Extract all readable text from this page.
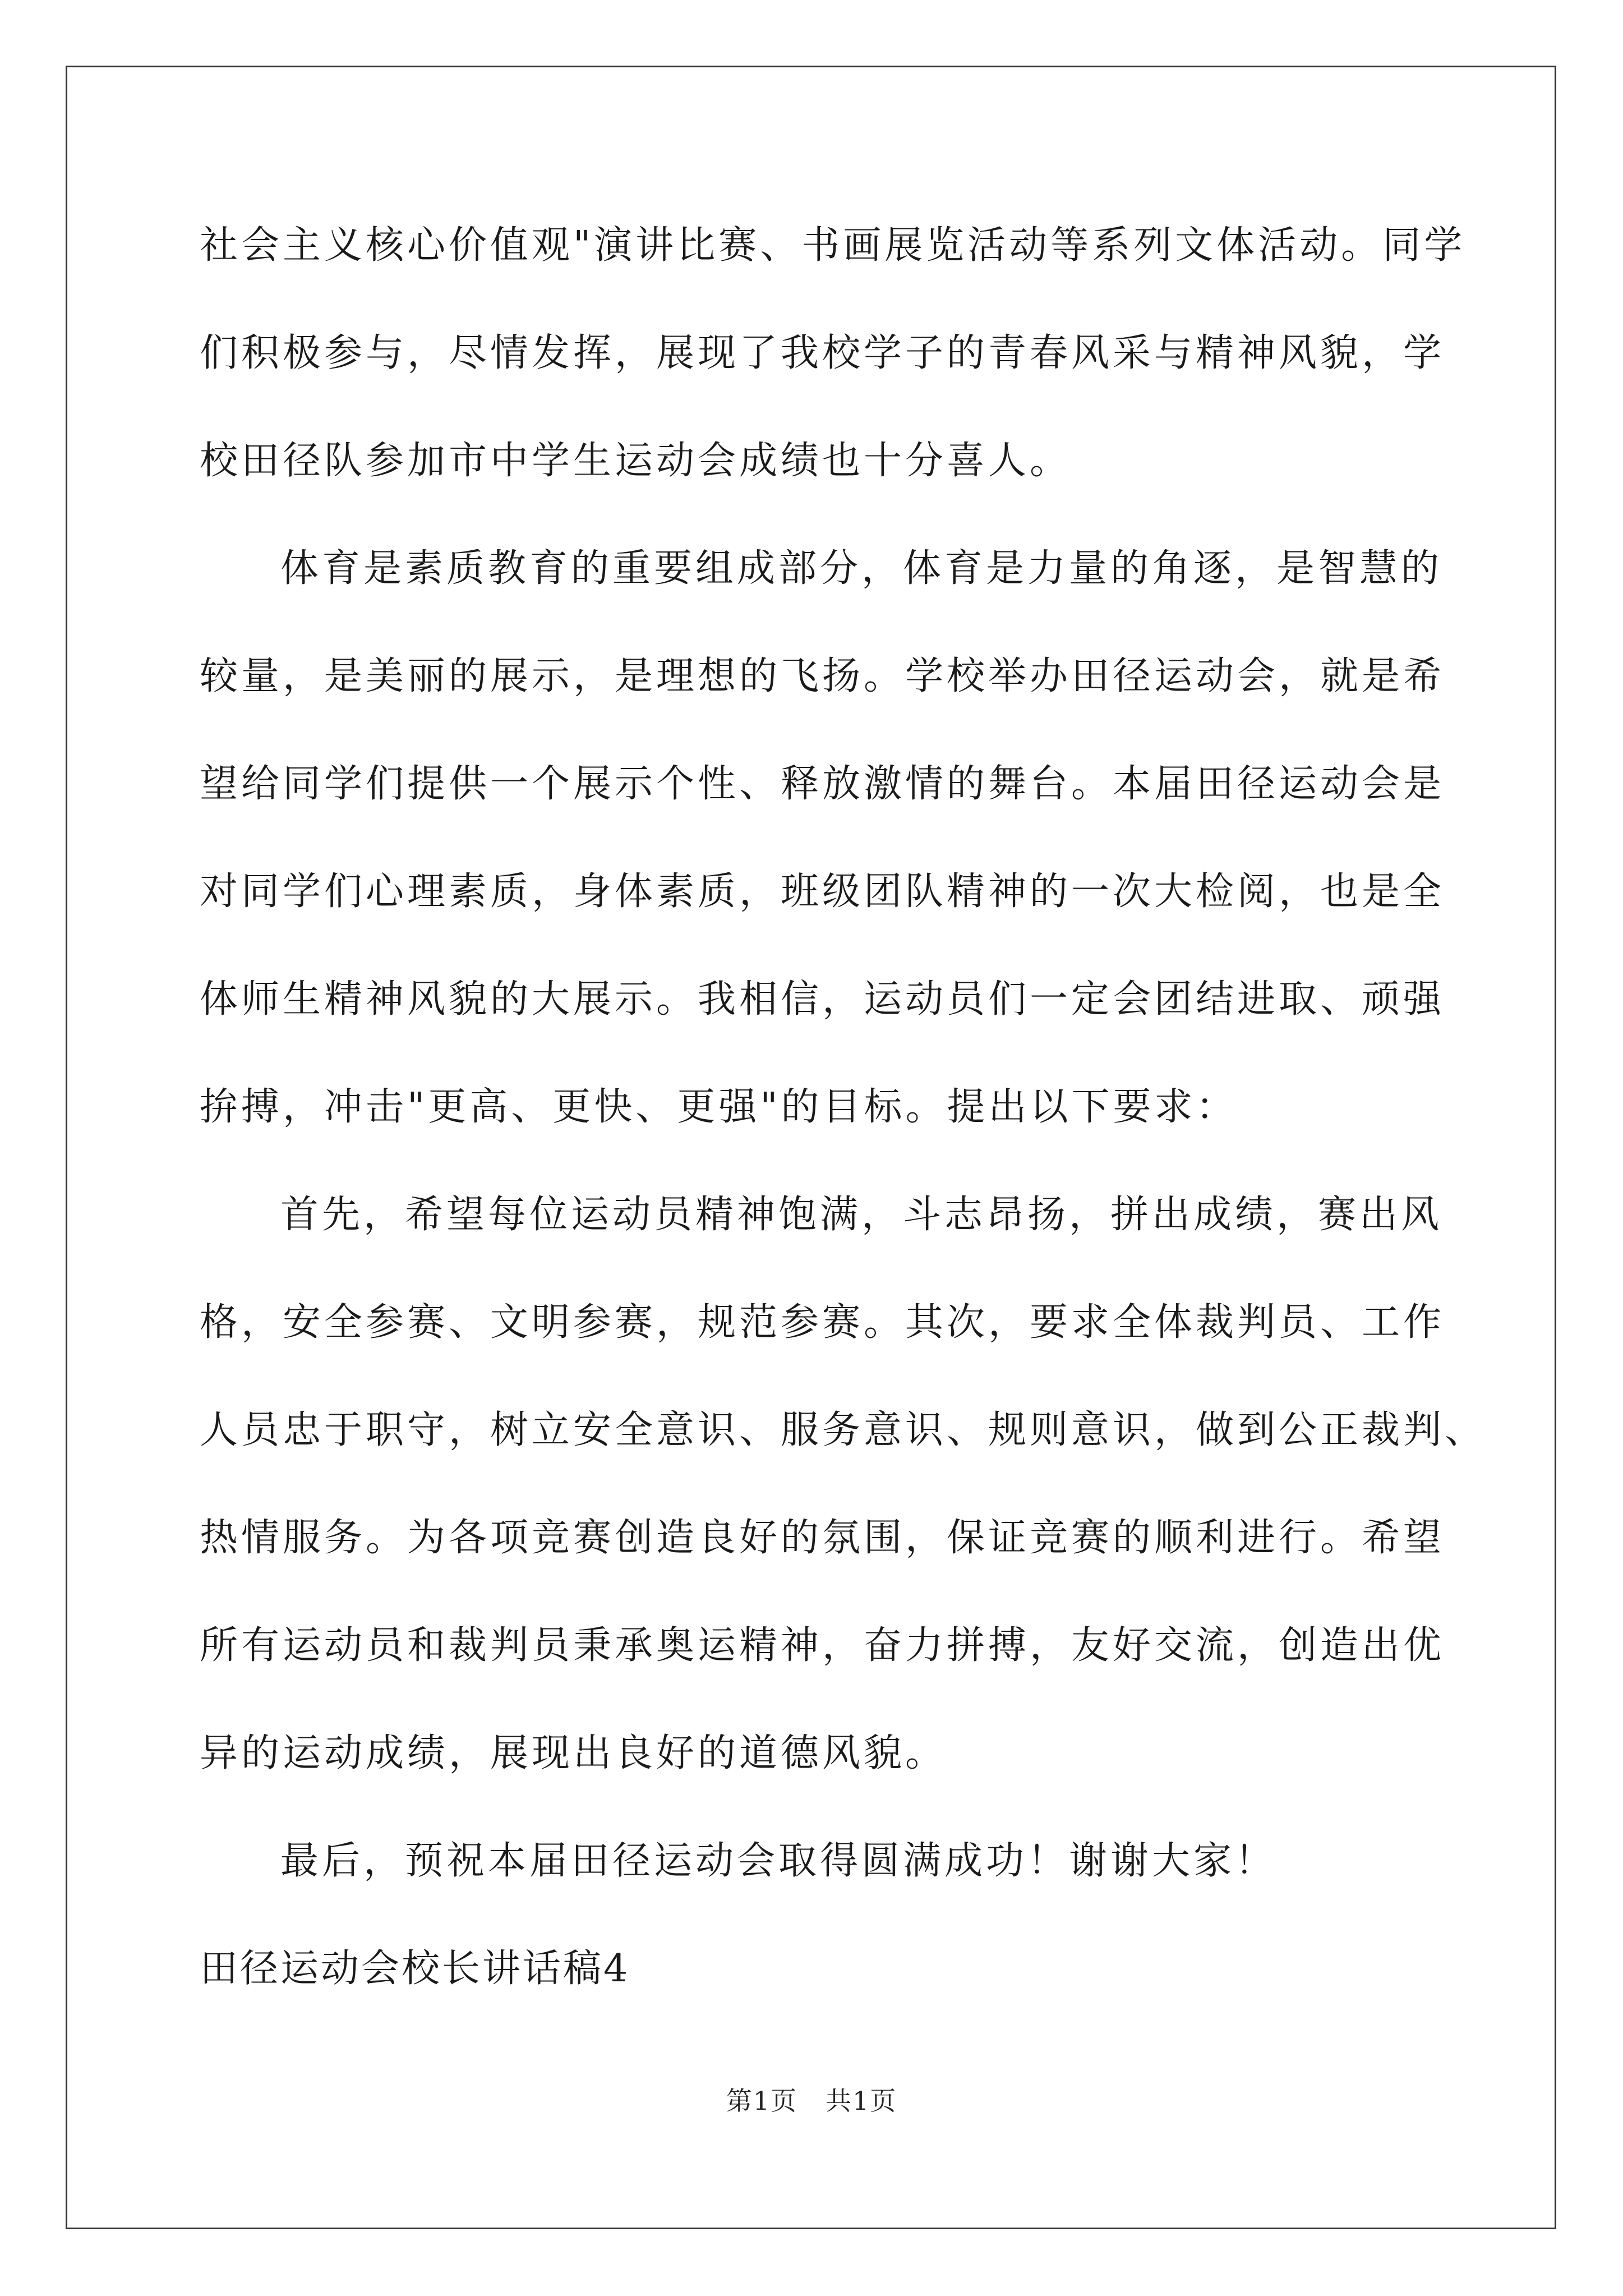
社会主义核心价值观"演讲比赛、书画展览活动等系列文体活动。同学
们积极参与，尽情发挥，展现了我校学子的青春风采与精神风貌，学
校田径队参加市中学生运动会成绩也十分喜人。
体育是素质教育的重要组成部分，体育是力量的角逐，是智慧的
较量，是美丽的展示，是理想的飞扬。学校举办田径运动会，就是希
望给同学们提供一个展示个性、释放激情的舞台。本届田径运动会是
对同学们心理素质，身体素质，班级团队精神的一次大检阅，也是全
体师生精神风貌的大展示。我相信，运动员们一定会团结进取、顽强
拚搏，冲击"更高、更快、更强"的目标。提出以下要求：
首先，希望每位运动员精神饱满，斗志昂扬，拼出成绩，赛出风
格，安全参赛、文明参赛，规范参赛。其次，要求全体裁判员、工作
人员忠于职守，树立安全意识、服务意识、规则意识，做到公正裁判、
热情服务。为各项竞赛创造良好的氛围，保证竞赛的顺利进行。希望
所有运动员和裁判员秉承奥运精神，奋力拼搏，友好交流，创造出优
异的运动成绩，展现出良好的道德风貌。
最后，预祝本届田径运动会取得圆满成功！谢谢大家！
田径运动会校长讲话稿4
第1页 共1页
